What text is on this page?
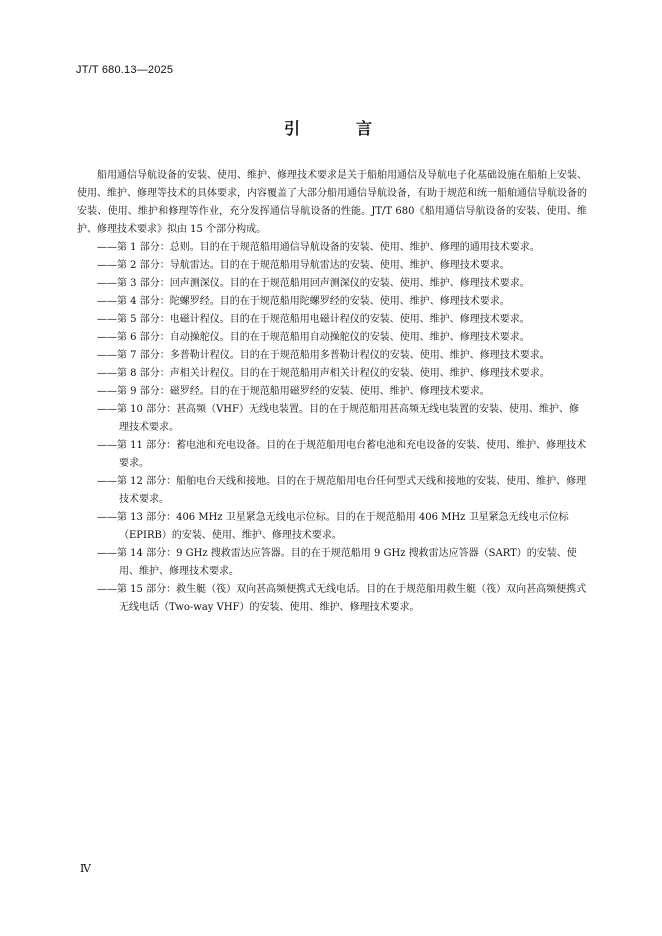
JT/T 680.13—2025
引　言

船用通信导航设备的安装、使用、维护、修理技术要求是关于船舶用通信及导航电子化基础设施在船舶上安装、使用、维护、修理等技术的具体要求，内容覆盖了大部分船用通信导航设备，有助于规范和统一船舶通信导航设备的安装、使用、维护和修理等作业，充分发挥通信导航设备的性能。JT/T 680《船用通信导航设备的安装、使用、维护、修理技术要求》拟由 15 个部分构成。

——第 1 部分：总则。目的在于规范船用通信导航设备的安装、使用、维护、修理的通用技术要求。
——第 2 部分：导航雷达。目的在于规范船用导航雷达的安装、使用、维护、修理技术要求。
——第 3 部分：回声测深仪。目的在于规范船用回声测深仪的安装、使用、维护、修理技术要求。
——第 4 部分：陀螺罗经。目的在于规范船用陀螺罗经的安装、使用、维护、修理技术要求。
——第 5 部分：电磁计程仪。目的在于规范船用电磁计程仪的安装、使用、维护、修理技术要求。
——第 6 部分：自动操舵仪。目的在于规范船用自动操舵仪的安装、使用、维护、修理技术要求。
——第 7 部分：多普勒计程仪。目的在于规范船用多普勒计程仪的安装、使用、维护、修理技术要求。
——第 8 部分：声相关计程仪。目的在于规范船用声相关计程仪的安装、使用、维护、修理技术要求。
——第 9 部分：磁罗经。目的在于规范船用磁罗经的安装、使用、维护、修理技术要求。
——第 10 部分：甚高频（VHF）无线电装置。目的在于规范船用甚高频无线电装置的安装、使用、维护、修理技术要求。
——第 11 部分：蓄电池和充电设备。目的在于规范船用电台蓄电池和充电设备的安装、使用、维护、修理技术要求。
——第 12 部分：船舶电台天线和接地。目的在于规范船用电台任何型式天线和接地的安装、使用、维护、修理技术要求。
——第 13 部分：406 MHz 卫星紧急无线电示位标。目的在于规范船用 406 MHz 卫星紧急无线电示位标（EPIRB）的安装、使用、维护、修理技术要求。
——第 14 部分：9 GHz 搜救雷达应答器。目的在于规范船用 9 GHz 搜救雷达应答器（SART）的安装、使用、维护、修理技术要求。
——第 15 部分：救生艇（筏）双向甚高频便携式无线电话。目的在于规范船用救生艇（筏）双向甚高频便携式无线电话（Two-way VHF）的安装、使用、维护、修理技术要求。
Ⅳ
